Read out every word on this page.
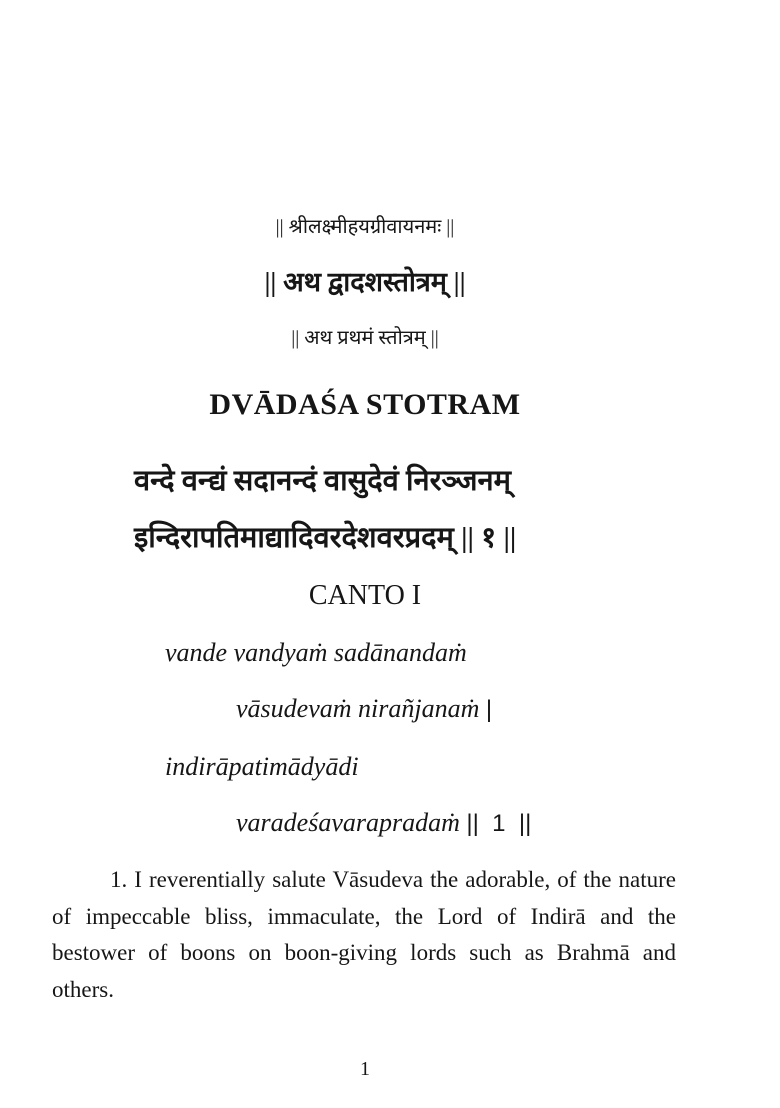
|| श्रीलक्ष्मीहयग्रीवायनमः ||
|| अथ द्वादशस्तोत्रम् ||
|| अथ प्रथमं स्तोत्रम् ||
DVĀDAŚA STOTRAM
वन्दे वन्द्यं सदानन्दं वासुदेवं निरञ्जनम्
इन्दिरापतिमाद्यादिवरदेशवरप्रदम् || १ ||
CANTO I
vande vandyaṁ sadānandaṁ
vāsudevaṁ nirañjanaṁ |
indirāpatimādyādi
varadeśavarapradaṁ ||  1  ||
1. I reverentially salute Vāsudeva the adorable, of the nature of impeccable bliss, immaculate, the Lord of Indirā and the bestower of boons on boon-giving lords such as Brahmā and others.
1
